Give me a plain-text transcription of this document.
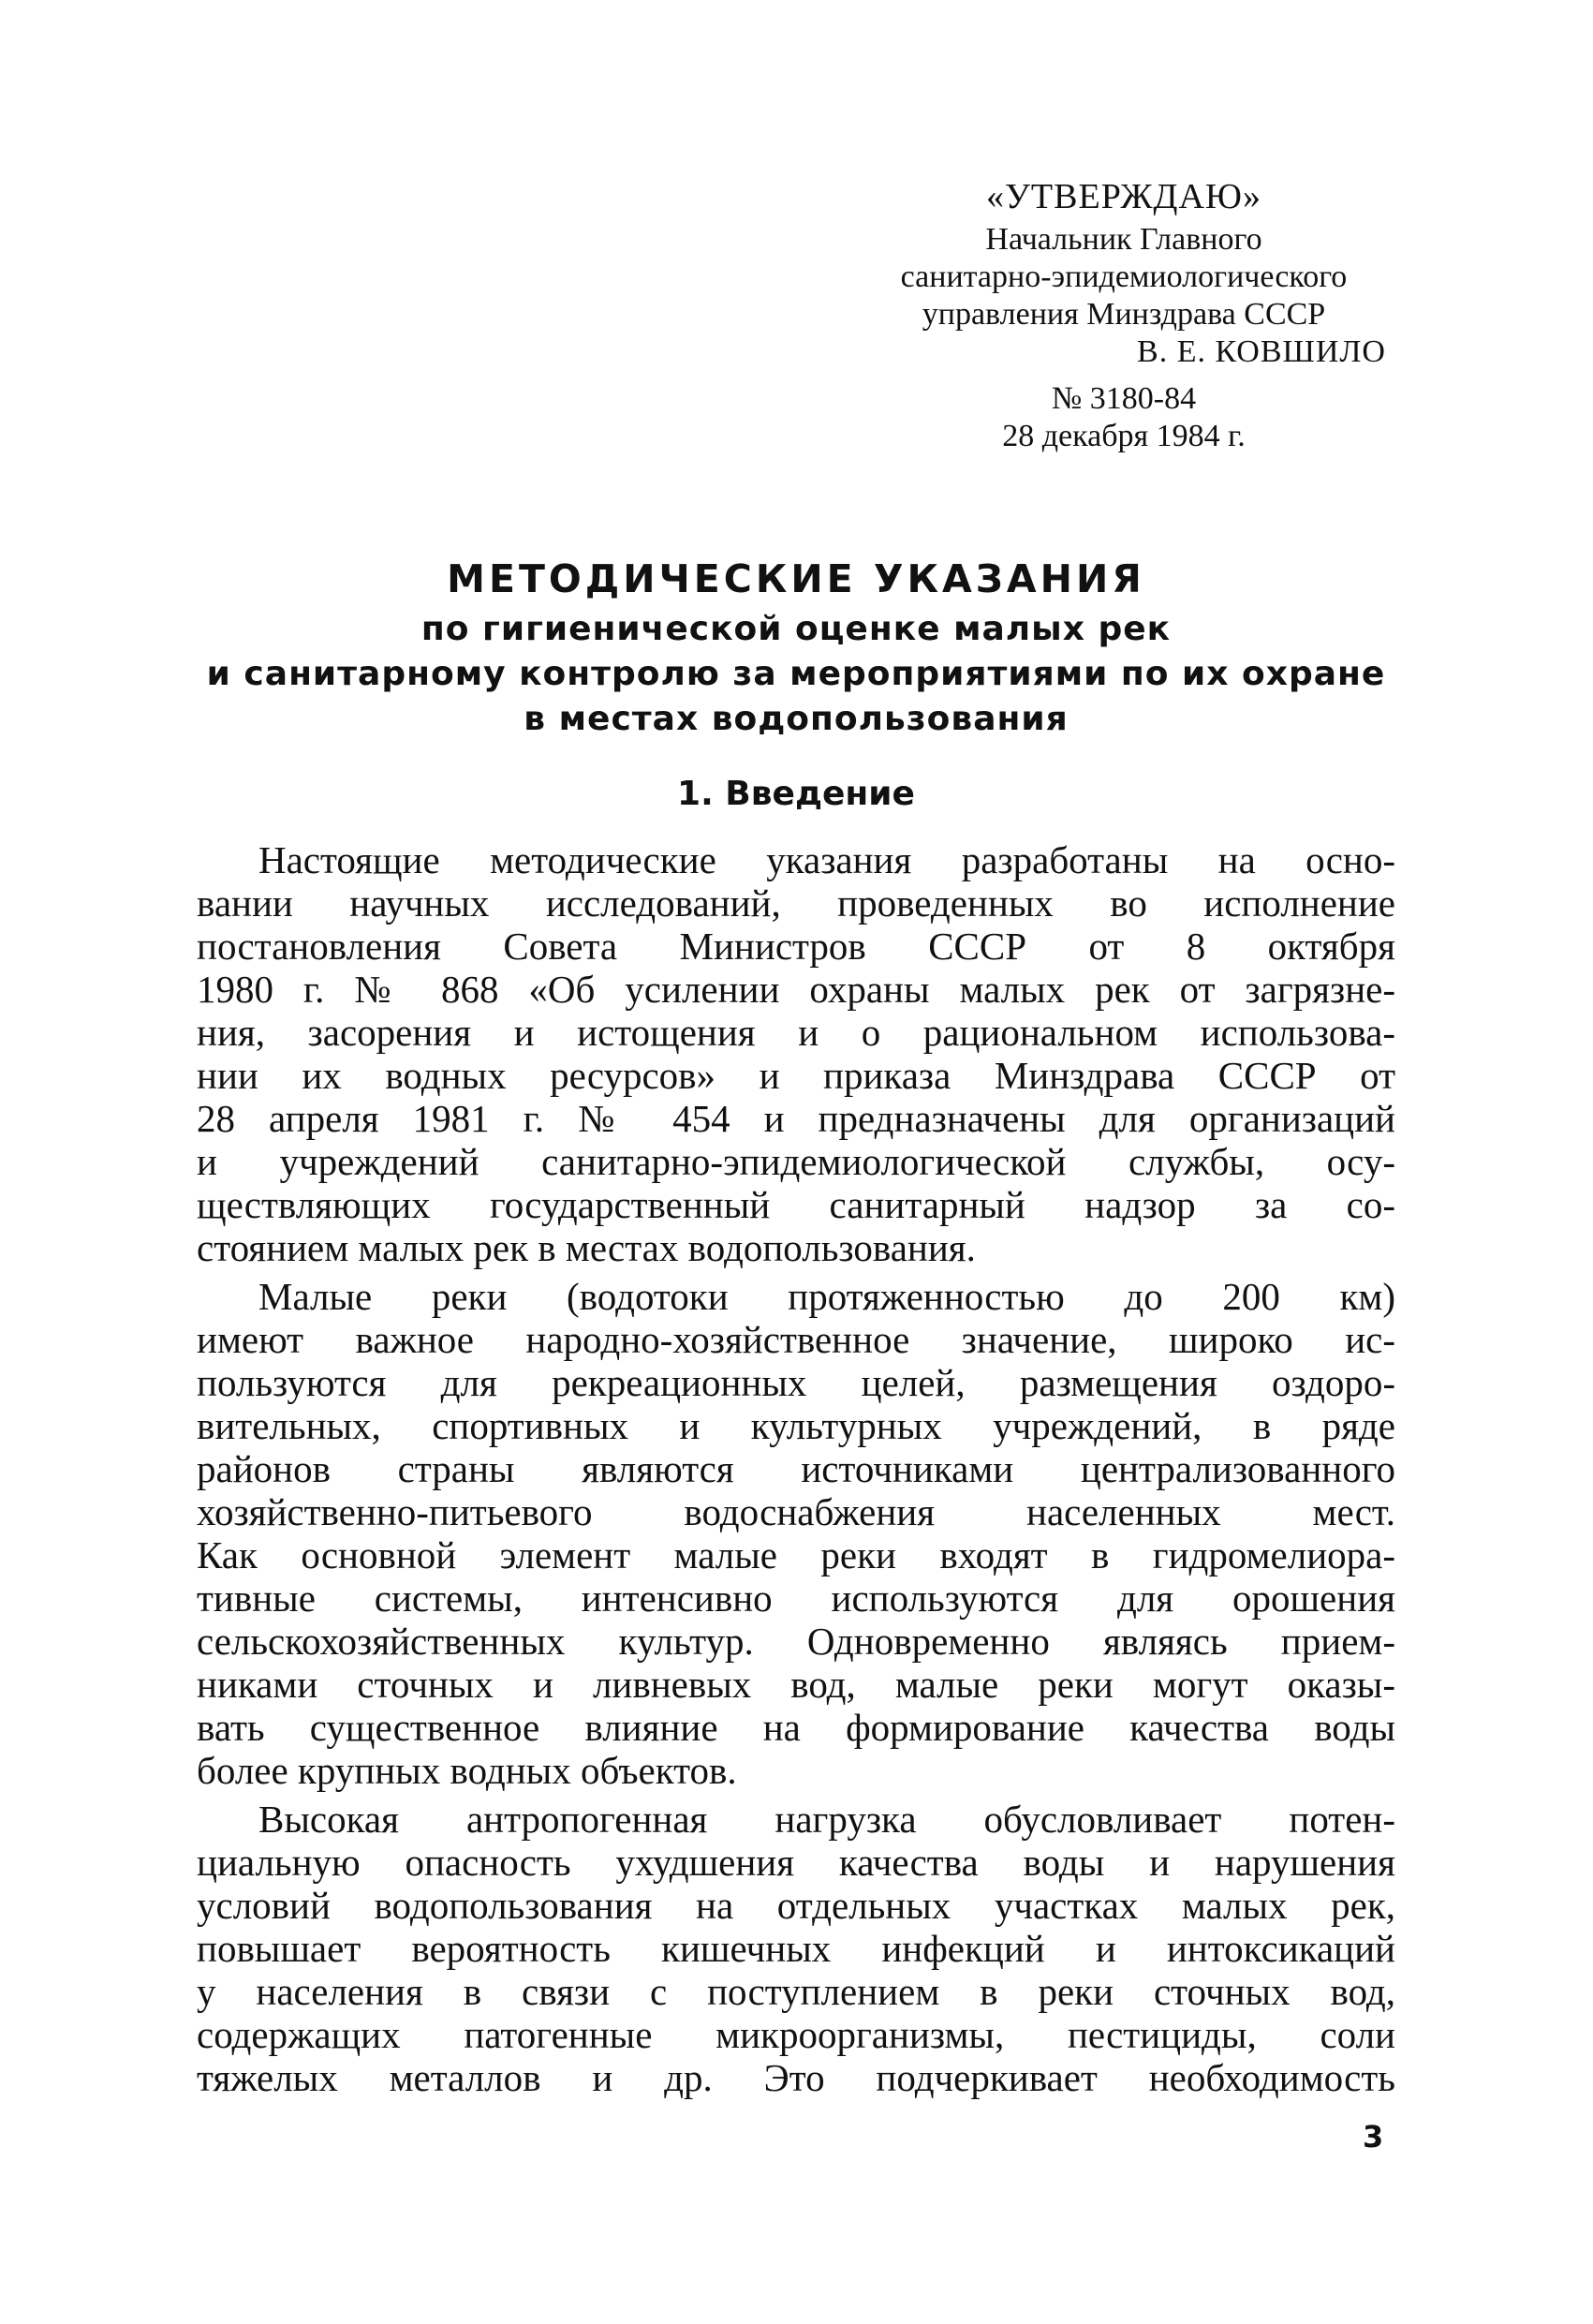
«УТВЕРЖДАЮ»
Начальник Главного
санитарно-эпидемиологического
управления Минздрава СССР
В. Е. КОВШИЛО
№ 3180-84
28 декабря 1984 г.
МЕТОДИЧЕСКИЕ УКАЗАНИЯ
по гигиенической оценке малых рек
и санитарному контролю за мероприятиями по их охране
в местах водопользования
1. Введение
Настоящие методические указания разработаны на осно-
вании научных исследований, проведенных во исполнение
постановления Совета Министров СССР от 8 октября
1980 г. № 868 «Об усилении охраны малых рек от загрязне-
ния, засорения и истощения и о рациональном использова-
нии их водных ресурсов» и приказа Минздрава СССР от
28 апреля 1981 г. № 454 и предназначены для организаций
и учреждений санитарно-эпидемиологической службы, осу-
ществляющих государственный санитарный надзор за со-
стоянием малых рек в местах водопользования.
Малые реки (водотоки протяженностью до 200 км)
имеют важное народно-хозяйственное значение, широко ис-
пользуются для рекреационных целей, размещения оздоро-
вительных, спортивных и культурных учреждений, в ряде
районов страны являются источниками централизованного
хозяйственно-питьевого водоснабжения населенных мест.
Как основной элемент малые реки входят в гидромелиора-
тивные системы, интенсивно используются для орошения
сельскохозяйственных культур. Одновременно являясь прием-
никами сточных и ливневых вод, малые реки могут оказы-
вать существенное влияние на формирование качества воды
более крупных водных объектов.
Высокая антропогенная нагрузка обусловливает потен-
циальную опасность ухудшения качества воды и нарушения
условий водопользования на отдельных участках малых рек,
повышает вероятность кишечных инфекций и интоксикаций
у населения в связи с поступлением в реки сточных вод,
содержащих патогенные микроорганизмы, пестициды, соли
тяжелых металлов и др. Это подчеркивает необходимость
3
